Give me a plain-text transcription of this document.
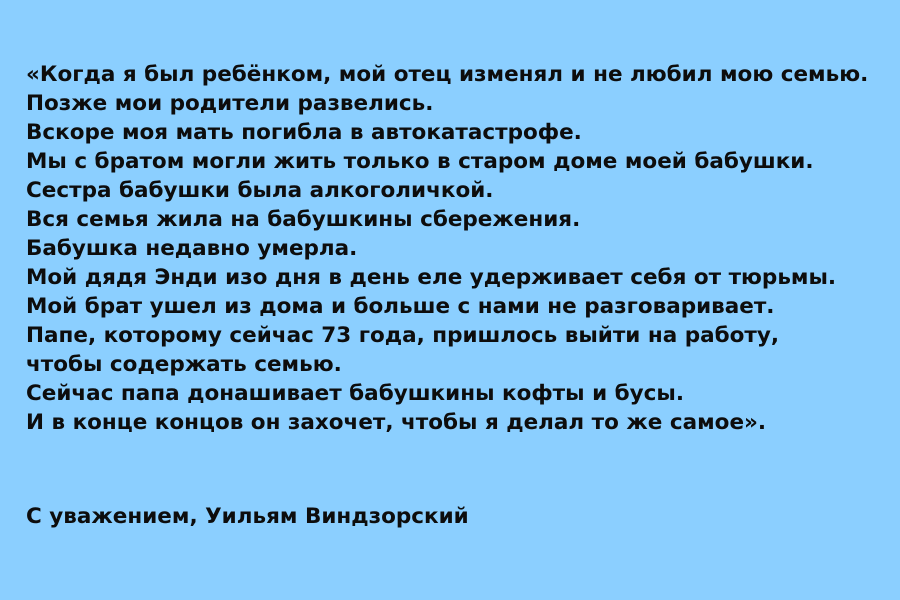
«Когда я был ребёнком, мой отец изменял и не любил мою семью.
Позже мои родители развелись.
Вскоре моя мать погибла в автокатастрофе.
Мы с братом могли жить только в старом доме моей бабушки.
Сестра бабушки была алкоголичкой.
Вся семья жила на бабушкины сбережения.
Бабушка недавно умерла.
Мой дядя Энди изо дня в день еле удерживает себя от тюрьмы.
Мой брат ушел из дома и больше с нами не разговаривает.
Папе, которому сейчас 73 года, пришлось выйти на работу,
чтобы содержать семью.
Сейчас папа донашивает бабушкины кофты и бусы.
И в конце концов он захочет, чтобы я делал то же самое».
С уважением, Уильям Виндзорский
